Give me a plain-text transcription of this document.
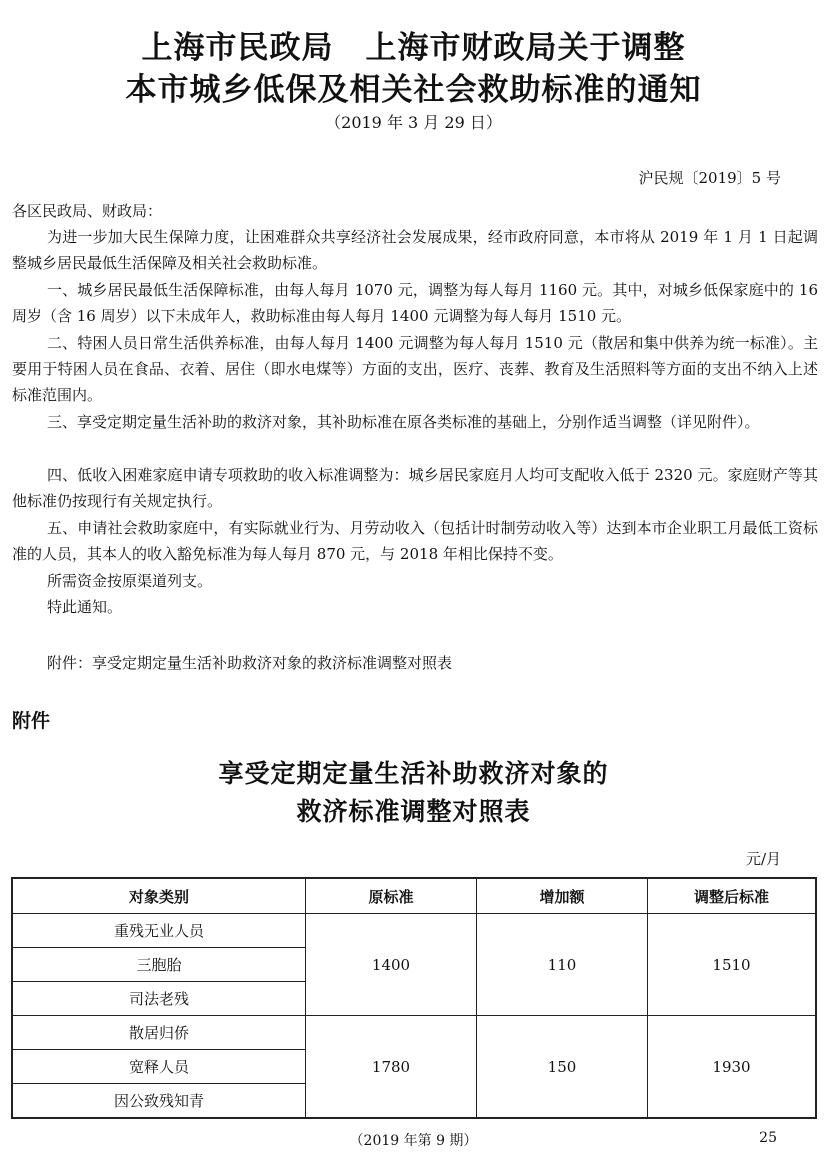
上海市民政局　上海市财政局关于调整
本市城乡低保及相关社会救助标准的通知
（2019 年 3 月 29 日）
沪民规〔2019〕5 号
各区民政局、财政局：
为进一步加大民生保障力度，让困难群众共享经济社会发展成果，经市政府同意，本市将从 2019 年 1 月 1 日起调整城乡居民最低生活保障及相关社会救助标准。
一、城乡居民最低生活保障标准，由每人每月 1070 元，调整为每人每月 1160 元。其中，对城乡低保家庭中的 16 周岁（含 16 周岁）以下未成年人，救助标准由每人每月 1400 元调整为每人每月 1510 元。
二、特困人员日常生活供养标准，由每人每月 1400 元调整为每人每月 1510 元（散居和集中供养为统一标准）。主要用于特困人员在食品、衣着、居住（即水电煤等）方面的支出，医疗、丧葬、教育及生活照料等方面的支出不纳入上述标准范围内。
三、享受定期定量生活补助的救济对象，其补助标准在原各类标准的基础上，分别作适当调整（详见附件）。
四、低收入困难家庭申请专项救助的收入标准调整为：城乡居民家庭月人均可支配收入低于 2320 元。家庭财产等其他标准仍按现行有关规定执行。
五、申请社会救助家庭中，有实际就业行为、月劳动收入（包括计时制劳动收入等）达到本市企业职工月最低工资标准的人员，其本人的收入豁免标准为每人每月 870 元，与 2018 年相比保持不变。
所需资金按原渠道列支。
特此通知。
附件：享受定期定量生活补助救济对象的救济标准调整对照表
附件
享受定期定量生活补助救济对象的
救济标准调整对照表
元/月
对象类别	原标准	增加额	调整后标准
重残无业人员	1400	110	1510
三胞胎			
司法老残			
散居归侨	1780	150	1930
宽释人员			
因公致残知青			
（2019 年第 9 期）	25
